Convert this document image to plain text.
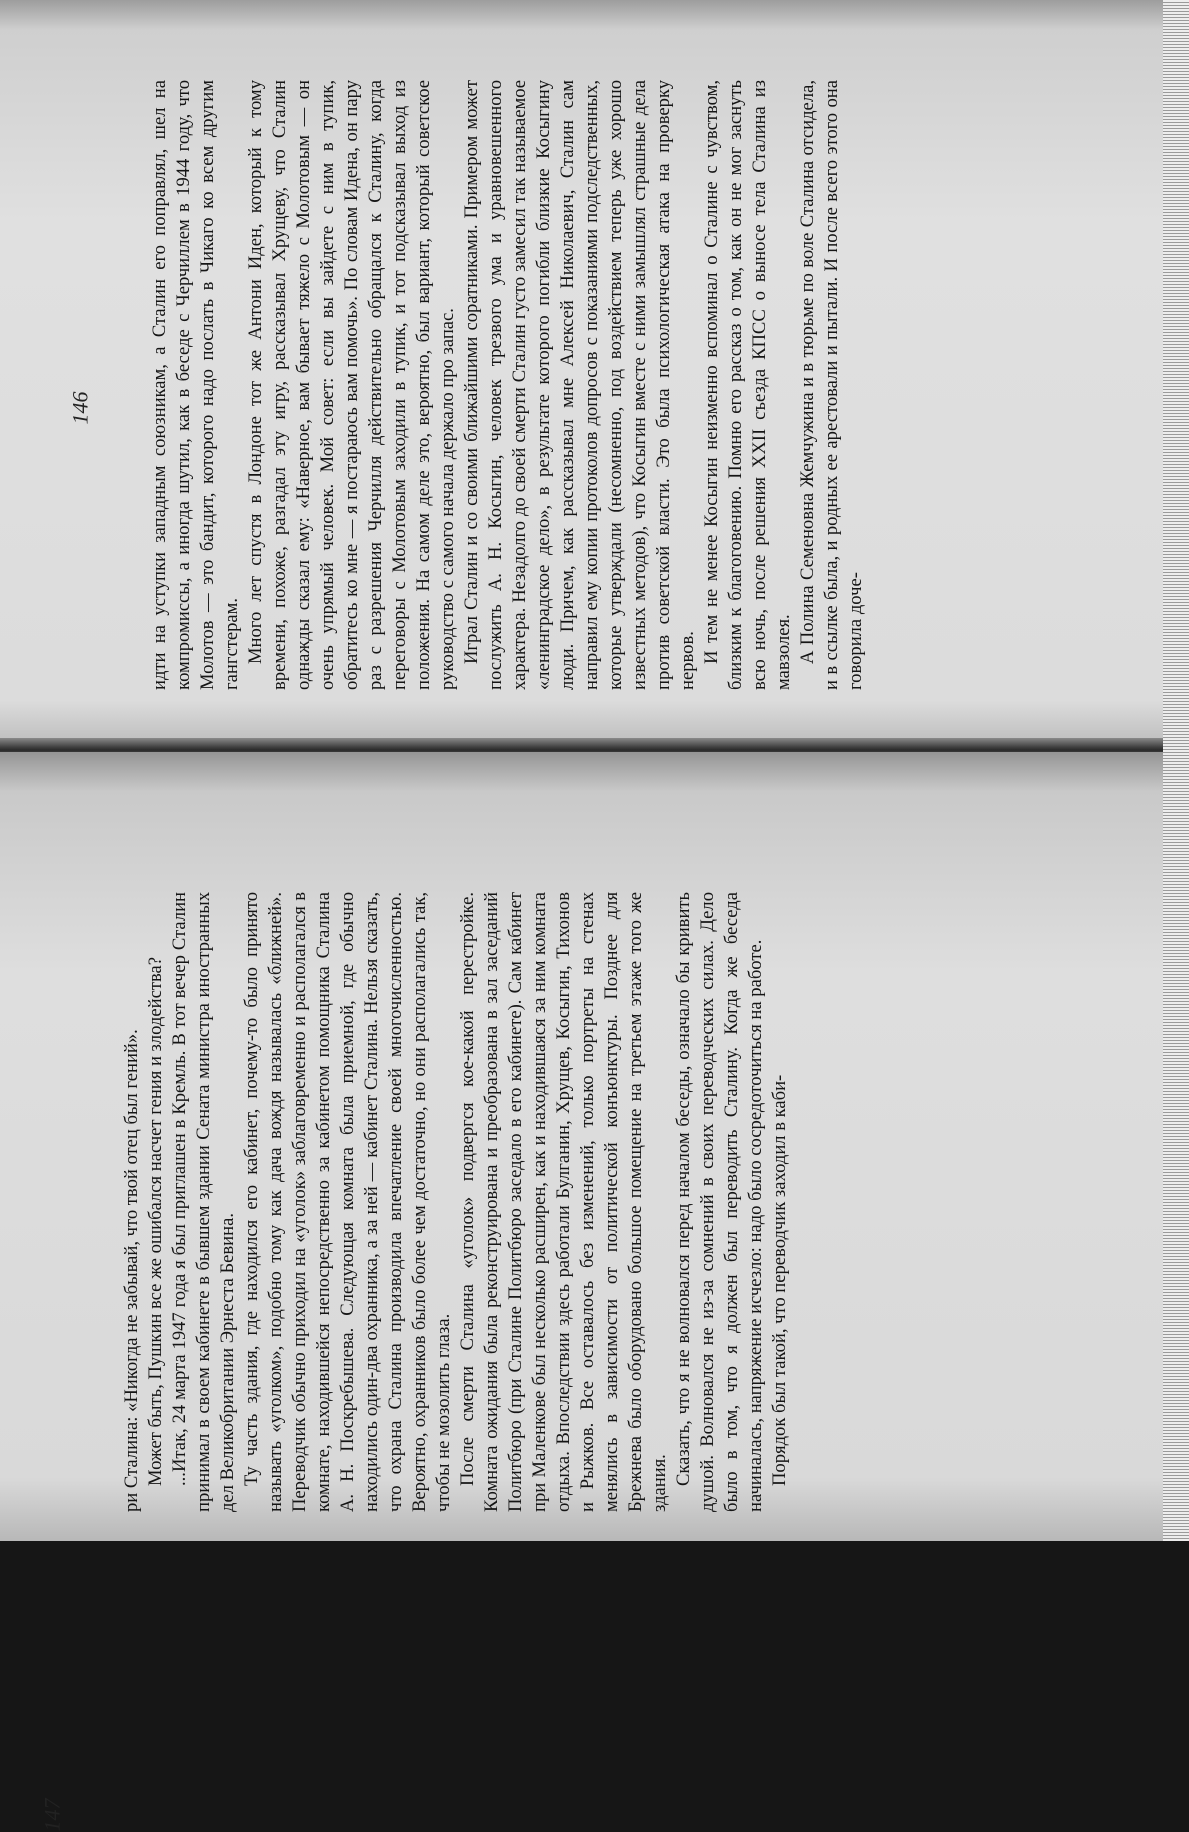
идти на уступки западным союзникам, а Сталин его поправлял, шел на компромиссы, а иногда шутил, как в беседе с Черчиллем в 1944 году, что Молотов — это бандит, которого надо послать в Чикаго ко всем другим гангстерам. Много лет спустя в Лондоне тот же Антони Иден, который к тому времени, похоже, разгадал эту игру, рассказывал Хрущеву, что Сталин однажды сказал ему: «Наверное, вам бывает тяжело с Молотовым — он очень упрямый человек. Мой совет: если вы зайдете с ним в тупик, обратитесь ко мне — я постараюсь вам помочь». По словам Идена, он пару раз с разрешения Черчилля действительно обращался к Сталину, когда переговоры с Молотовым заходили в тупик, и тот подсказывал выход из положения. На самом деле это, вероятно, был вариант, который советское руководство с самого начала держало про запас. Играл Сталин и со своими ближайшими соратниками. Примером может послужить А. Н. Косыгин, человек трезвого ума и уравновешенного характера. Незадолго до своей смерти Сталин густо замесил так называемое «ленинградское дело», в результате которого погибли близкие Косыгину люди. Причем, как рассказывал мне Алексей Николаевич, Сталин сам направил ему копии протоколов допросов с показаниями подследственных, которые утверждали (несомненно, под воздействием теперь уже хорошо известных методов), что Косыгин вместе с ними замышлял страшные дела против советской власти. Это была психологическая атака на проверку нервов. И тем не менее Косыгин неизменно вспоминал о Сталине с чувством, близким к благоговению. Помню его рассказ о том, как он не мог заснуть всю ночь, после решения XXII съезда КПСС о выносе тела Сталина из мавзолея. А Полина Семеновна Жемчужина и в тюрьме по воле Сталина отсидела, и в ссылке была, и родных ее арестовали и пытали. И после всего этого она говорила доче-

146

ри Сталина: «Никогда не забывай, что твой отец был гений». Может быть, Пушкин все же ошибался насчет гения и злодейства? ...Итак, 24 марта 1947 года я был приглашен в Кремль. В тот вечер Сталин принимал в своем кабинете в бывшем здании Сената министра иностранных дел Великобритании Эрнеста Бевина. Ту часть здания, где находился его кабинет, почему-то было принято называть «уголком», подобно тому как дача вождя называлась «ближней». Переводчик обычно приходил на «уголок» заблаговременно и располагался в комнате, находившейся непосредственно за кабинетом помощника Сталина А. Н. Поскребышева. Следующая комната была приемной, где обычно находились один-два охранника, а за ней — кабинет Сталина. Нельзя сказать, что охрана Сталина производила впечатление своей многочисленностью. Вероятно, охранников было более чем достаточно, но они располагались так, чтобы не мозолить глаза. После смерти Сталина «уголок» подвергся кое-какой перестройке. Комната ожидания была реконструирована и преобразована в зал заседаний Политбюро (при Сталине Политбюро заседало в его кабинете). Сам кабинет при Маленкове был несколько расширен, как и находившаяся за ним комната отдыха. Впоследствии здесь работали Булганин, Хрущев, Косыгин, Тихонов и Рыжков. Все оставалось без изменений, только портреты на стенах менялись в зависимости от политической конъюнктуры. Позднее для Брежнева было оборудовано большое помещение на третьем этаже того же здания. Сказать, что я не волновался перед началом беседы, означало бы кривить душой. Волновался не из-за сомнений в своих переводческих силах. Дело было в том, что я должен был переводить Сталину. Когда же беседа начиналась, напряжение исчезло: надо было сосредоточиться на работе. Порядок был такой, что переводчик заходил в каби-

147
